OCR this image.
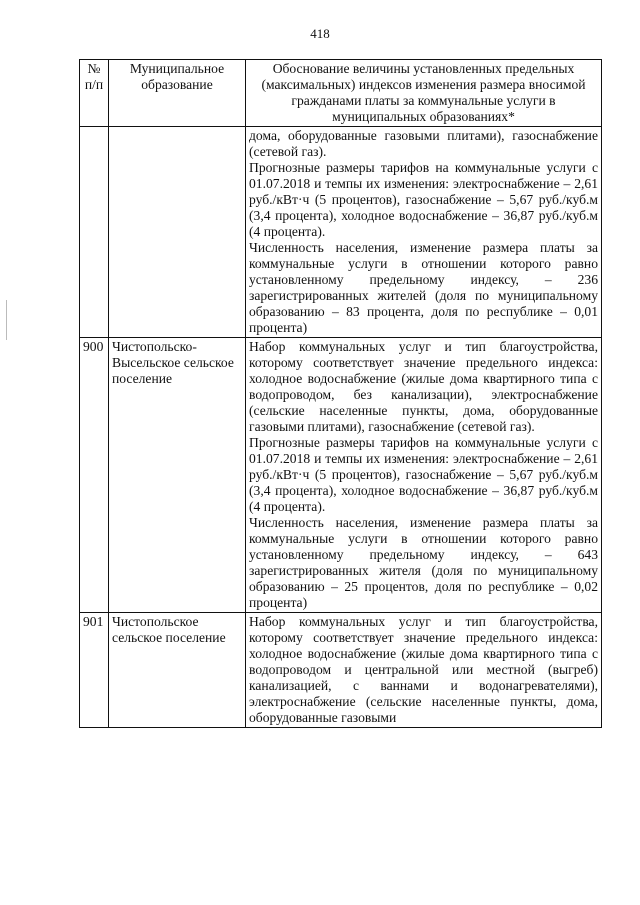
418
№ п/п	Муниципальное образование	Обоснование величины установленных предельных (максимальных) индексов изменения размера вносимой гражданами платы за коммунальные услуги в муниципальных образованиях*

		дома, оборудованные газовыми плитами), газоснабжение (сетевой газ).
Прогнозные размеры тарифов на коммунальные услуги с 01.07.2018 и темпы их изменения: электроснабжение – 2,61 руб./кВт·ч (5 процентов), газоснабжение – 5,67 руб./куб.м (3,4 процента), холодное водоснабжение – 36,87 руб./куб.м (4 процента).
Численность населения, изменение размера платы за коммунальные услуги в отношении которого равно установленному предельному индексу, – 236 зарегистрированных жителей (доля по муниципальному образованию – 83 процента, доля по республике – 0,01 процента)

900	Чистопольско-Высельское сельское поселение	Набор коммунальных услуг и тип благоустройства, которому соответствует значение предельного индекса: холодное водоснабжение (жилые дома квартирного типа с водопроводом, без канализации), электроснабжение (сельские населенные пункты, дома, оборудованные газовыми плитами), газоснабжение (сетевой газ).
Прогнозные размеры тарифов на коммунальные услуги с 01.07.2018 и темпы их изменения: электроснабжение – 2,61 руб./кВт·ч (5 процентов), газоснабжение – 5,67 руб./куб.м (3,4 процента), холодное водоснабжение – 36,87 руб./куб.м (4 процента).
Численность населения, изменение размера платы за коммунальные услуги в отношении которого равно установленному предельному индексу, – 643 зарегистрированных жителя (доля по муниципальному образованию – 25 процентов, доля по республике – 0,02 процента)

901	Чистопольское сельское поселение	Набор коммунальных услуг и тип благоустройства, которому соответствует значение предельного индекса: холодное водоснабжение (жилые дома квартирного типа с водопроводом и центральной или местной (выгреб) канализацией, с ваннами и водонагревателями), электроснабжение (сельские населенные пункты, дома, оборудованные газовыми
